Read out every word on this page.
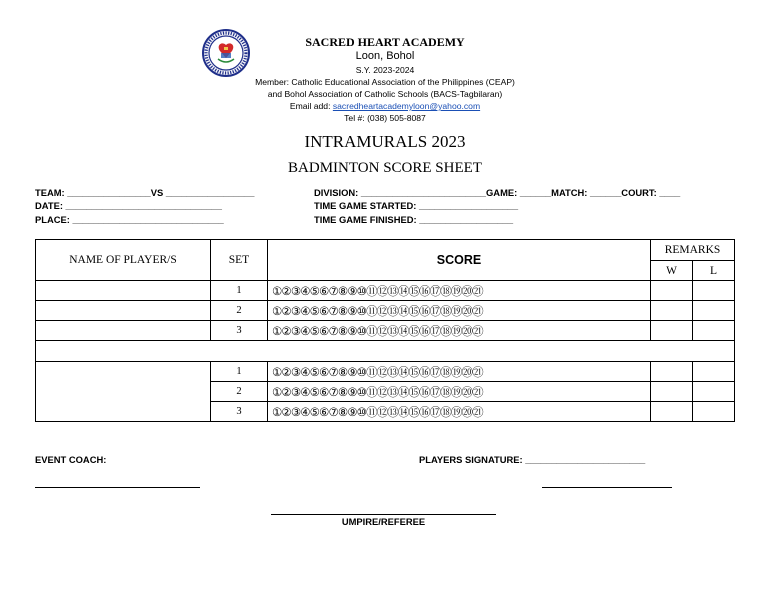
SACRED HEART ACADEMY
Loon, Bohol
S.Y. 2023-2024
Member: Catholic Educational Association of the Philippines (CEAP)
and Bohol Association of Catholic Schools (BACS-Tagbilaran)
Email add: sacredheartacademyloon@yahoo.com
Tel #: (038) 505-8087
INTRAMURALS 2023
BADMINTON SCORE SHEET
TEAM: ________________VS _________________
DATE: ______________________________
PLACE: _____________________________
DIVISION: ________________________GAME: ______MATCH: ______COURT: ____
TIME GAME STARTED: ___________________
TIME GAME FINISHED: __________________
NAME OF PLAYER/S	SET	SCORE	REMARKS	
			W	L
	1	①②③④⑤⑥⑦⑧⑨⑩⑪⑫⑬⑭⑮⑯⑰⑱⑲⑳㉑		
	2	①②③④⑤⑥⑦⑧⑨⑩⑪⑫⑬⑭⑮⑯⑰⑱⑲⑳㉑		
	3	①②③④⑤⑥⑦⑧⑨⑩⑪⑫⑬⑭⑮⑯⑰⑱⑲⑳㉑		

	1	①②③④⑤⑥⑦⑧⑨⑩⑪⑫⑬⑭⑮⑯⑰⑱⑲⑳㉑		
	2	①②③④⑤⑥⑦⑧⑨⑩⑪⑫⑬⑭⑮⑯⑰⑱⑲⑳㉑		
	3	①②③④⑤⑥⑦⑧⑨⑩⑪⑫⑬⑭⑮⑯⑰⑱⑲⑳㉑		
EVENT COACH:	PLAYERS SIGNATURE: _______________________
UMPIRE/REFEREE
